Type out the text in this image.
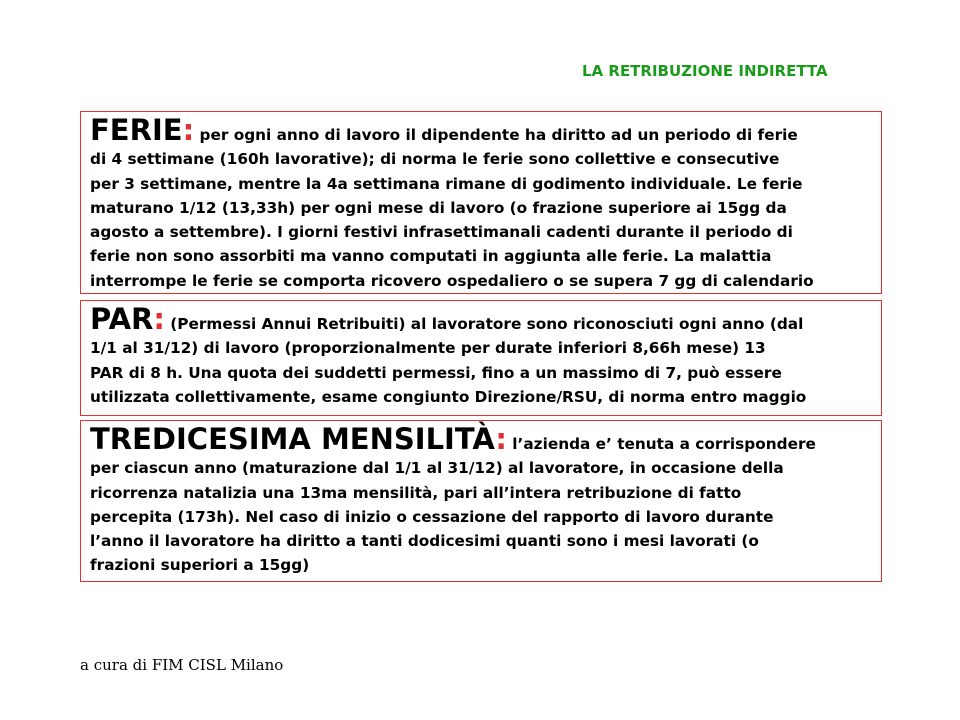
LA RETRIBUZIONE INDIRETTA
FERIE: per ogni anno di lavoro il dipendente ha diritto ad un periodo di ferie
di 4 settimane (160h lavorative); di norma le ferie sono collettive e consecutive
per 3 settimane, mentre la 4a settimana rimane di godimento individuale. Le ferie
maturano 1/12 (13,33h) per ogni mese di lavoro (o frazione superiore ai 15gg da
agosto a settembre). I giorni festivi infrasettimanali cadenti durante il periodo di
ferie non sono assorbiti ma vanno computati in aggiunta alle ferie. La malattia
interrompe le ferie se comporta ricovero ospedaliero o se supera 7 gg di calendario
PAR: (Permessi Annui Retribuiti) al lavoratore sono riconosciuti ogni anno (dal
1/1 al 31/12) di lavoro (proporzionalmente per durate inferiori 8,66h mese) 13
PAR di 8 h. Una quota dei suddetti permessi, fino a un massimo di 7, può essere
utilizzata collettivamente, esame congiunto Direzione/RSU, di norma entro maggio
TREDICESIMA MENSILITÀ: l’azienda e’ tenuta a corrispondere
per ciascun anno (maturazione dal 1/1 al 31/12) al lavoratore, in occasione della
ricorrenza natalizia una 13ma mensilità, pari all’intera retribuzione di fatto
percepita (173h). Nel caso di inizio o cessazione del rapporto di lavoro durante
l’anno il lavoratore ha diritto a tanti dodicesimi quanti sono i mesi lavorati (o
frazioni superiori a 15gg)
a cura di FIM CISL Milano
